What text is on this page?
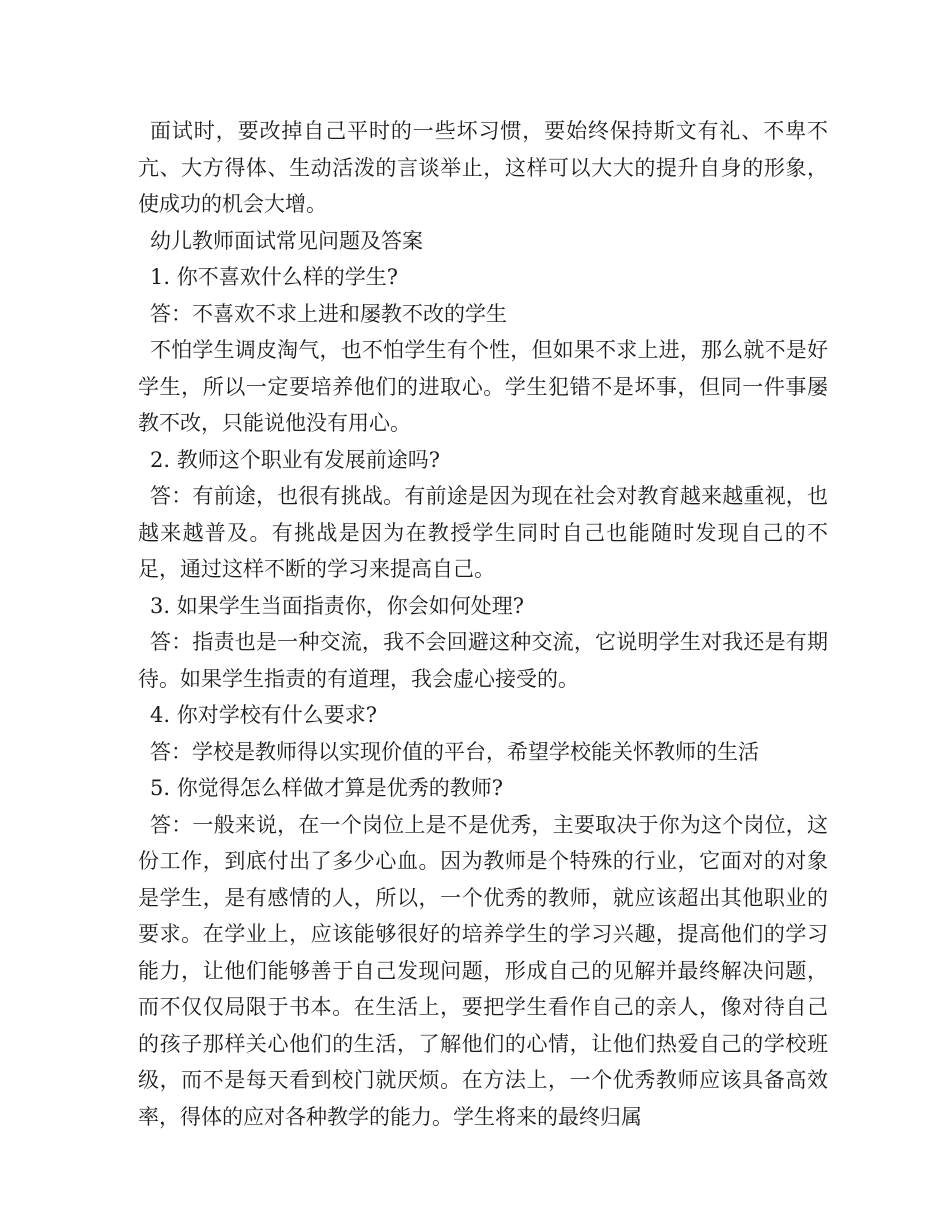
面试时，要改掉自己平时的一些坏习惯，要始终保持斯文有礼、不卑不亢、大方得体、生动活泼的言谈举止，这样可以大大的提升自身的形象，使成功的机会大增。

幼儿教师面试常见问题及答案

1. 你不喜欢什么样的学生?

答：不喜欢不求上进和屡教不改的学生

不怕学生调皮淘气，也不怕学生有个性，但如果不求上进，那么就不是好学生，所以一定要培养他们的进取心。学生犯错不是坏事，但同一件事屡教不改，只能说他没有用心。

2. 教师这个职业有发展前途吗?

答：有前途，也很有挑战。有前途是因为现在社会对教育越来越重视，也越来越普及。有挑战是因为在教授学生同时自己也能随时发现自己的不足，通过这样不断的学习来提高自己。

3. 如果学生当面指责你，你会如何处理?

答：指责也是一种交流，我不会回避这种交流，它说明学生对我还是有期待。如果学生指责的有道理，我会虚心接受的。

4. 你对学校有什么要求?

答：学校是教师得以实现价值的平台，希望学校能关怀教师的生活

5. 你觉得怎么样做才算是优秀的教师?

答：一般来说，在一个岗位上是不是优秀，主要取决于你为这个岗位，这份工作，到底付出了多少心血。因为教师是个特殊的行业，它面对的对象是学生，是有感情的人，所以，一个优秀的教师，就应该超出其他职业的要求。在学业上，应该能够很好的培养学生的学习兴趣，提高他们的学习能力，让他们能够善于自己发现问题，形成自己的见解并最终解决问题，而不仅仅局限于书本。在生活上，要把学生看作自己的亲人，像对待自己的孩子那样关心他们的生活，了解他们的心情，让他们热爱自己的学校班级，而不是每天看到校门就厌烦。在方法上，一个优秀教师应该具备高效率，得体的应对各种教学的能力。学生将来的最终归属
